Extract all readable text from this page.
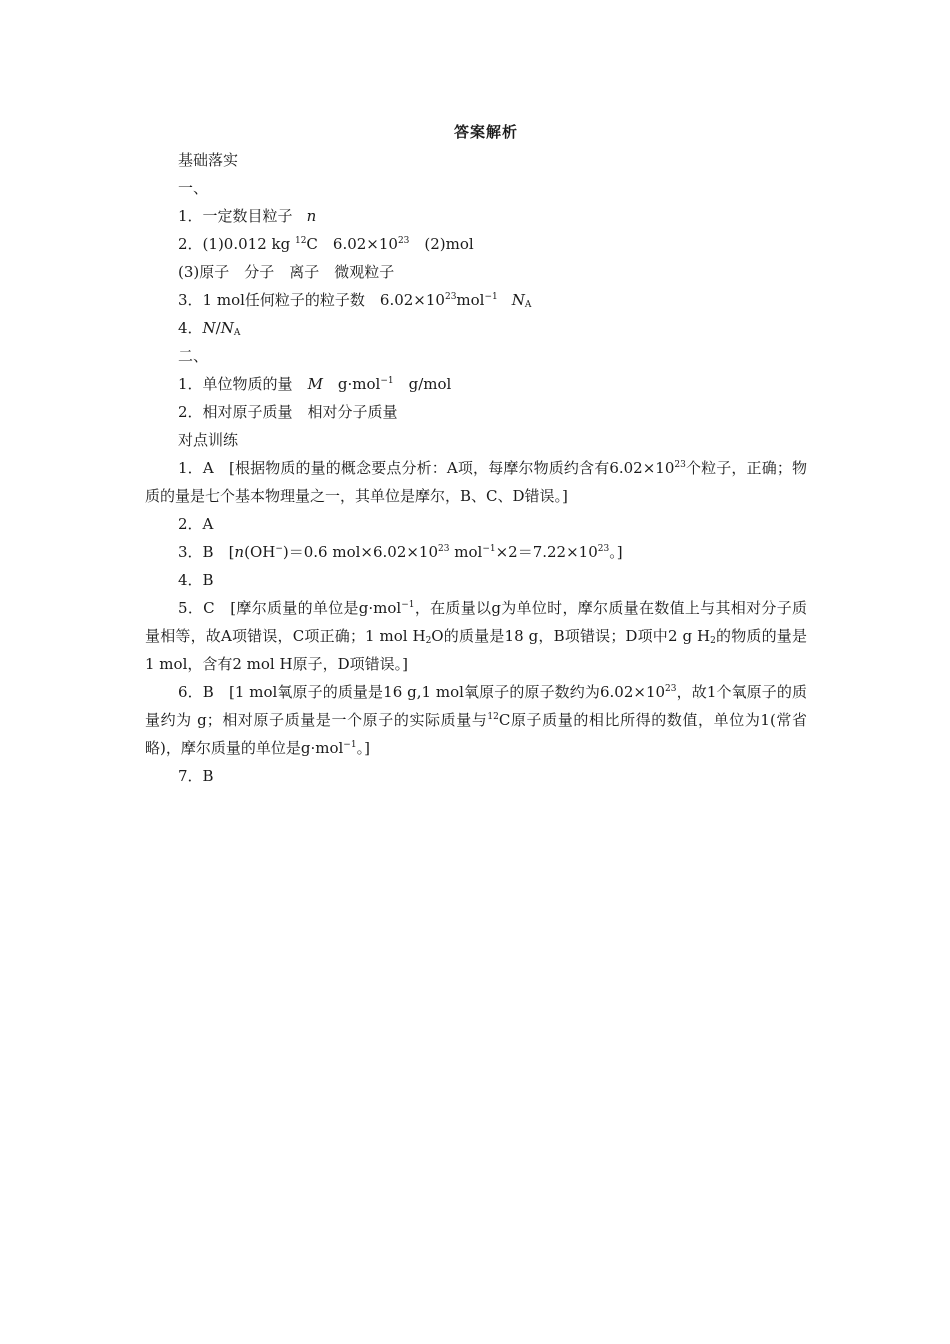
答案解析
基础落实
一、
1．一定数目粒子 n
2．(1)0.012 kg $^{12}$C　$6.02\times 10^{23}$　(2)mol
(3)原子　分子　离子　微观粒子
3．1 mol任何粒子的粒子数　$6.02\times 10^{23}mol^{-1}$ $N_A$
4．$N/N_A$
二、
1．单位物质的量　M　g·mol$^{-1}$　g/mol
2．相对原子质量　相对分子质量
对点训练
1．A　[根据物质的量的概念要点分析：A项，每摩尔物质约含有$6.02\times 10^{23}$个粒子，正确；物质的量是七个基本物理量之一，其单位是摩尔，B、C、D错误。]
2．A
3．B　[n(OH−)＝0.6 $mol\times 6.02\times 10^{23}$ $mol^{-1}\times 2=7.22\times 10^{23}$。]
4．B
5．C　[摩尔质量的单位是g·mol$^{-1}$，在质量以g为单位时，摩尔质量在数值上与其相对分子质量相等，故A项错误，C项正确；1 mol $H_2O$的质量是18 g，B项错误；D项中2 g $H_2$的物质的量是1 mol，含有2 mol H原子，D项错误。]
6．B　[1 mol氧原子的质量是16 g,1 mol氧原子的原子数约为$6.02\times 10^{23}$，故1个氧原子的质量约为 g；相对原子质量是一个原子的实际质量与$^{12}$C原子质量的相比所得的数值，单位为1(常省略)，摩尔质量的单位是g·mol$^{-1}$。]
7．B
